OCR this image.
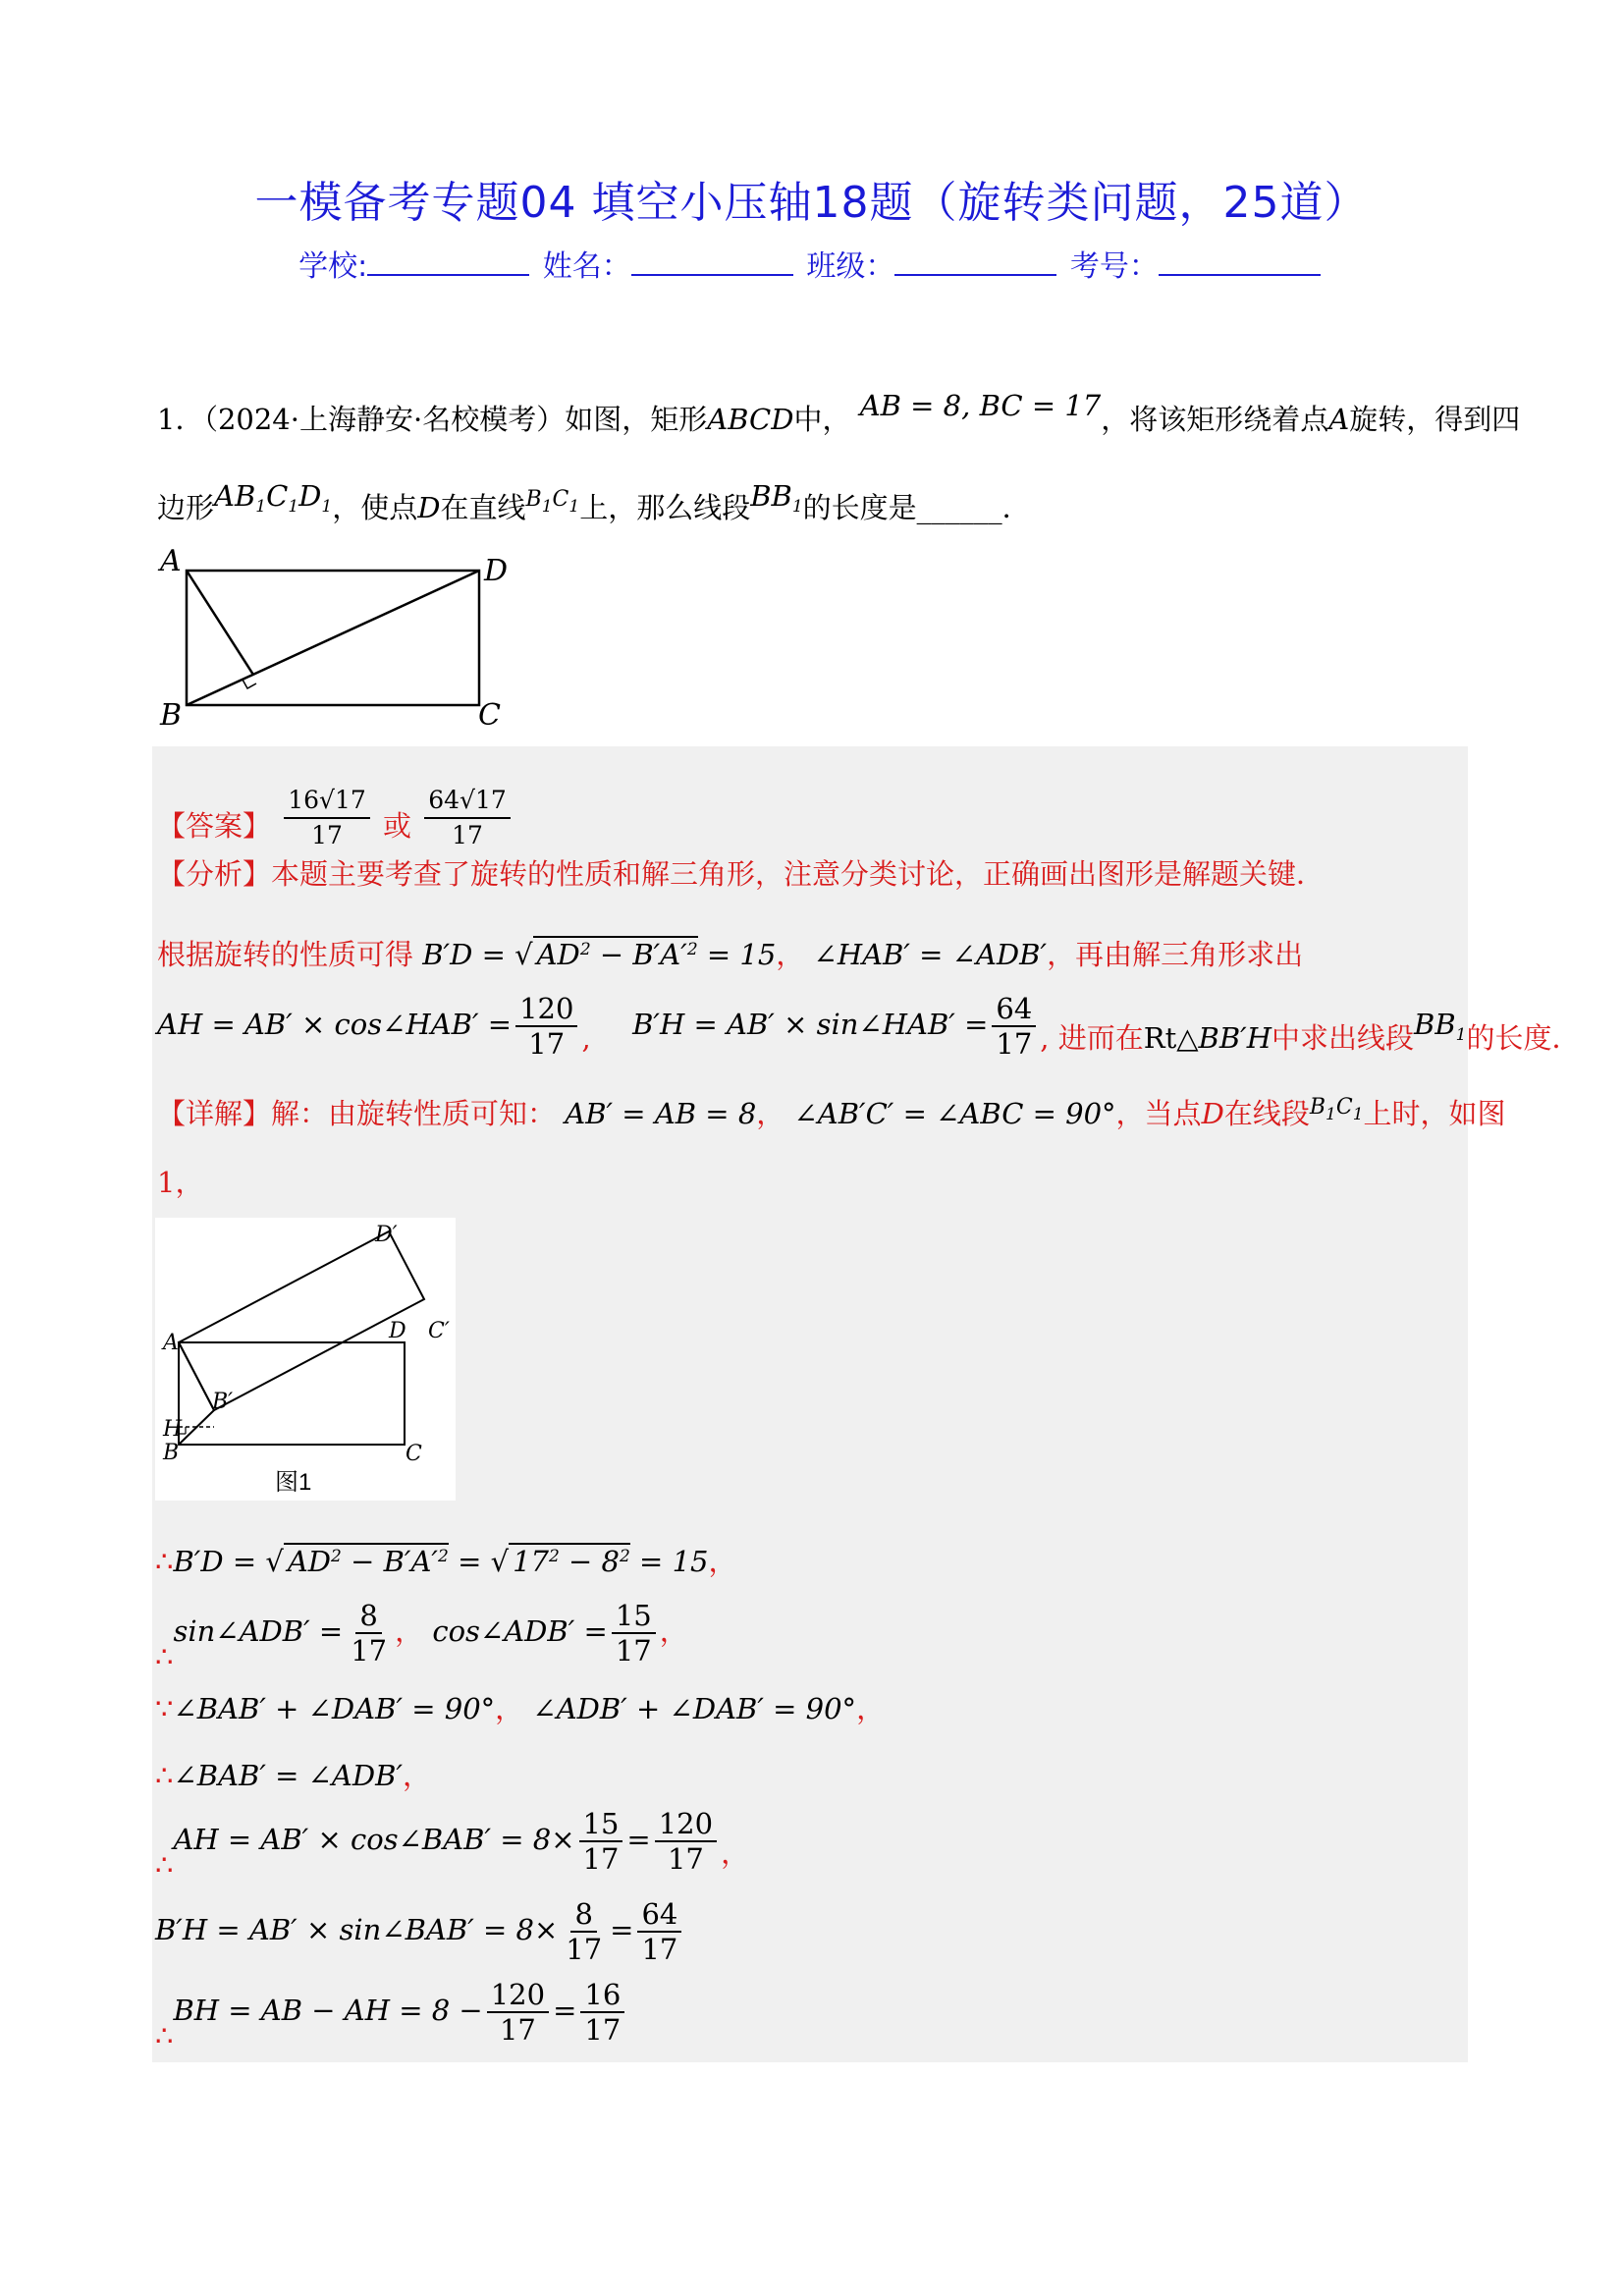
一模备考专题04 填空小压轴18题（旋转类问题，25道）
学校:	姓名：	班级：	考号：
1．（2024·上海静安·名校模考）如图，矩形ABCD中， AB = 8, BC = 17，将该矩形绕着点A旋转，得到四
边形$AB_1C_1D_1$，使点D在直线$^{B_1C_1}$上，那么线段$BB_1$的长度是______．
A
B	C
D
【答案】 $\frac{16√17}{17}$ 或 $\frac{64√17}{17}$
【分析】本题主要考查了旋转的性质和解三角形，注意分类讨论，正确画出图形是解题关键．
根据旋转的性质可得 B′D = √ $AD^2 - B'A'^2 = 15$， ∠HAB′ = ∠ADB′，再由解三角形求出
AH = AB′ × cos∠HAB′ = $\frac{120}{17}$ , B′H = AB′ × sin∠HAB′ = $\frac{64}{17}$ , 进而在Rt△BB′H中求出线段$BB_1$的长度．
【详解】解：由旋转性质可知： AB′ = AB = 8， ∠AB′C′ = ∠ABC = 90°，当点D在线段$^{B_1C_1}$上时，如图
1，
A
B
H
C
D
B′
C′
D′
图1
∴B′D = √ $AD^2 - B'A'^2$ = √ $17^2 - 8^2 = 15$，
∴sin∠ADB′ = $\frac{8}{17}$ ， cos∠ADB′ = $\frac{15}{17}$ ，
∵∠BAB′ + ∠DAB′ = 90°， ∠ADB′ + ∠DAB′ = 90°，
∴∠BAB′ = ∠ADB′，
∴AH = AB′ × cos∠BAB′ = $8\times \frac{15}{17} = \frac{120}{17}$ ，
B′H = AB′ × sin∠BAB′ = $8\times \frac{8}{17} = \frac{64}{17}$
∴BH = AB − AH = $8 - \frac{120}{17} = \frac{16}{17}$
